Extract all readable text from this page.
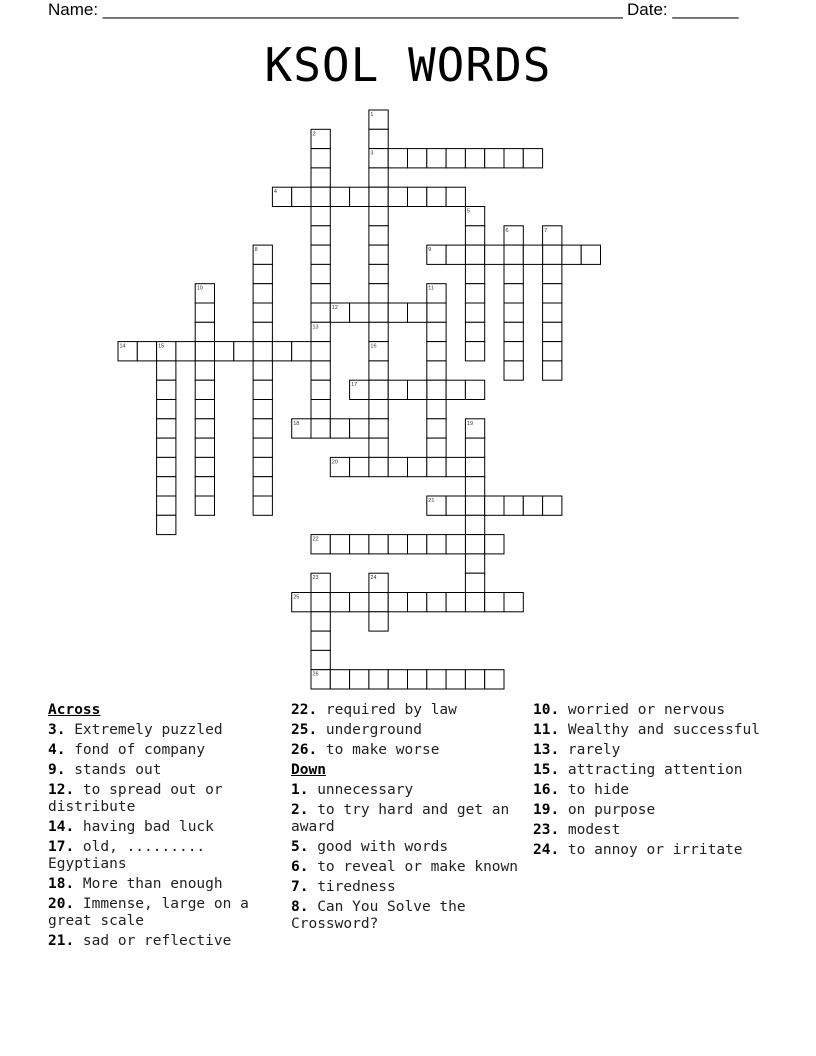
Name: _______________________________________________________ Date: _______
KSOL WORDS
1
2
3
4
5
6	7
8	9
10	11
12
13
14	15	16
17
18	19
20
21
22
23	24
25
26
Across
3. Extremely puzzled
4. fond of company
9. stands out
12. to spread out or distribute
14. having bad luck
17. old, ......... Egyptians
18. More than enough
20. Immense, large on a great scale
21. sad or reflective
22. required by law
25. underground
26. to make worse
Down
1. unnecessary
2. to try hard and get an award
5. good with words
6. to reveal or make known
7. tiredness
8. Can You Solve the Crossword?
10. worried or nervous
11. Wealthy and successful
13. rarely
15. attracting attention
16. to hide
19. on purpose
23. modest
24. to annoy or irritate
